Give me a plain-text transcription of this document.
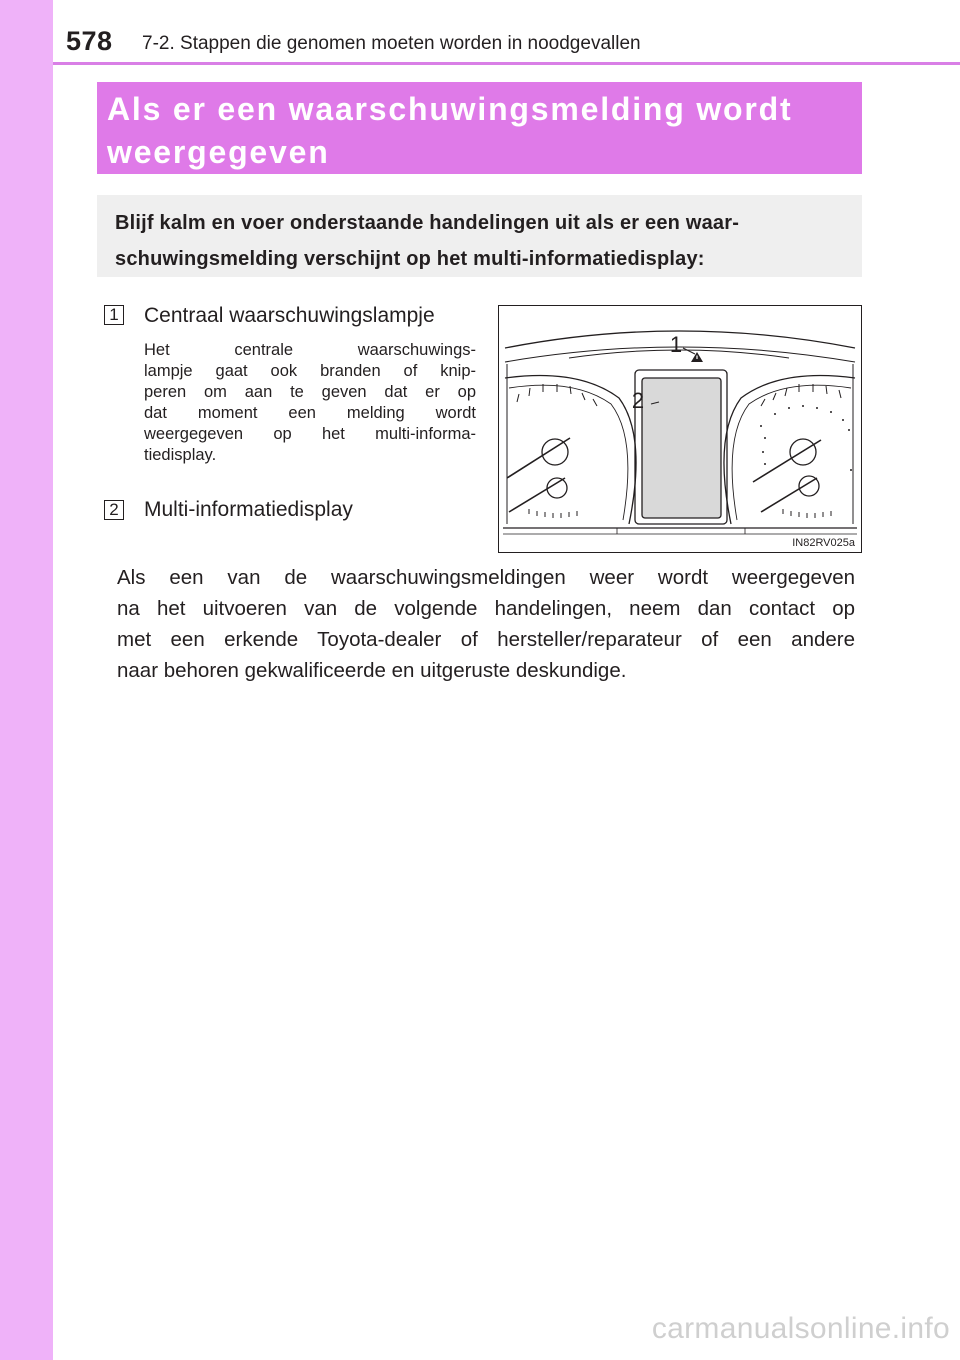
578 7-2. Stappen die genomen moeten worden in noodgevallen
Als er een waarschuwingsmelding wordt
weergegeven
Blijf kalm en voer onderstaande handelingen uit als er een waar-
schuwingsmelding verschijnt op het multi-informatiedisplay:
1 Centraal waarschuwingslampje
Het centrale waarschuwings-
lampje gaat ook branden of knip-
peren om aan te geven dat er op
dat moment een melding wordt
weergegeven op het multi-informa-
tiedisplay.
2 Multi-informatiedisplay
1
2
IN82RV025a
Als een van de waarschuwingsmeldingen weer wordt weergegeven
na het uitvoeren van de volgende handelingen, neem dan contact op
met een erkende Toyota-dealer of hersteller/reparateur of een andere
naar behoren gekwalificeerde en uitgeruste deskundige.
carmanualsonline.info
